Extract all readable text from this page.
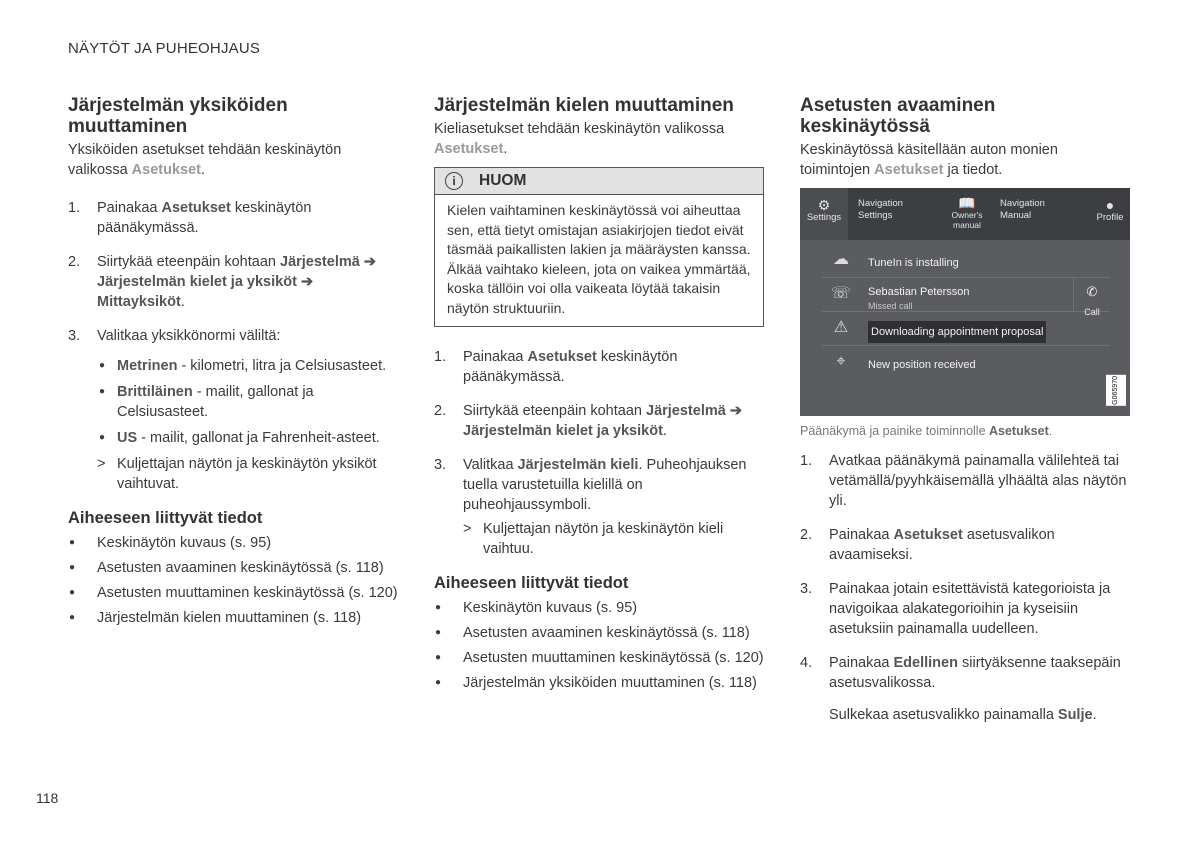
NÄYTÖT JA PUHEOHJAUS
Järjestelmän yksiköiden muuttaminen

Yksiköiden asetukset tehdään keskinäytön valikossa Asetukset.

1. Painakaa Asetukset keskinäytön päänäkymässä.
2. Siirtykää eteenpäin kohtaan Järjestelmä ➔
Järjestelmän kielet ja yksiköt ➔
Mittayksiköt.
3. Valitkaa yksikkönormi väliltä:
● Metrinen - kilometri, litra ja Celsiusasteet.
● Brittiläinen - mailit, gallonat ja Celsiusasteet.
● US - mailit, gallonat ja Fahrenheit-asteet.
> Kuljettajan näytön ja keskinäytön yksiköt vaihtuvat.
Aiheeseen liittyvät tiedot
● Keskinäytön kuvaus (s. 95)
● Asetusten avaaminen keskinäytössä (s. 118)
● Asetusten muuttaminen keskinäytössä (s. 120)
● Järjestelmän kielen muuttaminen (s. 118)
Järjestelmän kielen muuttaminen

Kieliasetukset tehdään keskinäytön valikossa
Asetukset.

i	HUOM
Kielen vaihtaminen keskinäytössä voi aiheuttaa sen, että tietyt omistajan asiakirjojen tiedot eivät täsmää paikallisten lakien ja määräysten kanssa. Älkää vaihtako kieleen, jota on vaikea ymmärtää, koska tällöin voi olla vaikeata löytää takaisin näytön struktuuriin.
1. Painakaa Asetukset keskinäytön päänäkymässä.
2. Siirtykää eteenpäin kohtaan Järjestelmä ➔
Järjestelmän kielet ja yksiköt.
3. Valitkaa Järjestelmän kieli. Puheohjauksen tuella varustetuilla kielillä on puheohjaussymboli.
> Kuljettajan näytön ja keskinäytön kieli vaihtuu.
Aiheeseen liittyvät tiedot
● Keskinäytön kuvaus (s. 95)
● Asetusten avaaminen keskinäytössä (s. 118)
● Asetusten muuttaminen keskinäytössä (s. 120)
● Järjestelmän yksiköiden muuttaminen (s. 118)
Asetusten avaaminen keskinäytössä

Keskinäytössä käsitellään auton monien toimintojen Asetukset ja tiedot.

⚙
Settings
Navigation
Settings
📖
Owner's
manual
Navigation
Manual
●
Profile
☁	TuneIn is installing
☏	Sebastian Petersson
Missed call
✆
Call
⚠	Downloading appointment proposal
⌖	New position received
G065970
Päänäkymä ja painike toiminnolle Asetukset.
1. Avatkaa päänäkymä painamalla välilehteä tai vetämällä/pyyhkäisemällä ylhäältä alas näytön yli.
2. Painakaa Asetukset asetusvalikon avaamiseksi.
3. Painakaa jotain esitettävistä kategorioista ja navigoikaa alakategorioihin ja kyseisiin asetuksiin painamalla uudelleen.
4. Painakaa Edellinen siirtyäksenne taaksepäin asetusvalikossa.

Sulkekaa asetusvalikko painamalla Sulje.

118
